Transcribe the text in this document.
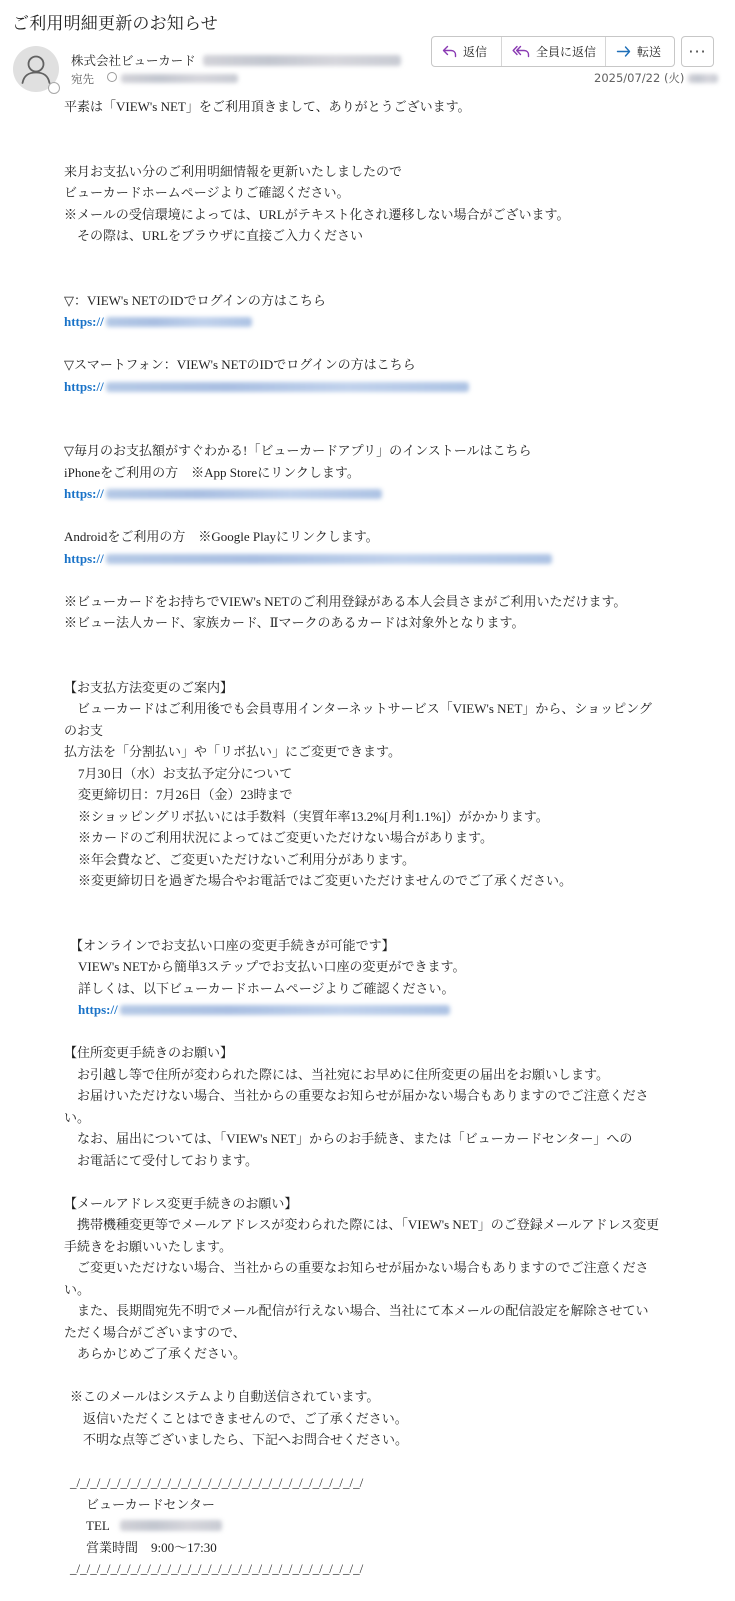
ご利用明細更新のお知らせ
株式会社ビューカード
宛先
返信	全員に返信	転送	···
2025/07/22 (火)
平素は「VIEW's NET」をご利用頂きまして、ありがとうございます。
来月お支払い分のご利用明細情報を更新いたしましたので
ビューカードホームページよりご確認ください。
※メールの受信環境によっては、URLがテキスト化され遷移しない場合がございます。
　その際は、URLをブラウザに直接ご入力ください
▽：VIEW's NETのIDでログインの方はこちら
https://
▽スマートフォン：VIEW's NETのIDでログインの方はこちら
https://
▽毎月のお支払額がすぐわかる!「ビューカードアプリ」のインストールはこちら
iPhoneをご利用の方　※App Storeにリンクします。
https://
Androidをご利用の方　※Google Playにリンクします。
https://
※ビューカードをお持ちでVIEW's NETのご利用登録がある本人会員さまがご利用いただけます。
※ビュー法人カード、家族カード、Ⅱマークのあるカードは対象外となります。
【お支払方法変更のご案内】
　ビューカードはご利用後でも会員専用インターネットサービス「VIEW's NET」から、ショッピングのお支
払方法を「分割払い」や「リボ払い」にご変更できます。
7月30日（水）お支払予定分について
変更締切日：7月26日（金）23時まで
※ショッピングリボ払いには手数料（実質年率13.2%[月利1.1%]）がかかります。
※カードのご利用状況によってはご変更いただけない場合があります。
※年会費など、ご変更いただけないご利用分があります。
※変更締切日を過ぎた場合やお電話ではご変更いただけませんのでご了承ください。
【オンラインでお支払い口座の変更手続きが可能です】
VIEW's NETから簡単3ステップでお支払い口座の変更ができます。
詳しくは、以下ビューカードホームページよりご確認ください。
https://
【住所変更手続きのお願い】
　お引越し等で住所が変わられた際には、当社宛にお早めに住所変更の届出をお願いします。
　お届けいただけない場合、当社からの重要なお知らせが届かない場合もありますのでご注意くださ
い。
　なお、届出については、「VIEW's NET」からのお手続き、または「ビューカードセンター」への
　お電話にて受付しております。
【メールアドレス変更手続きのお願い】
　携帯機種変更等でメールアドレスが変わられた際には、「VIEW's NET」のご登録メールアドレス変更
手続きをお願いいたします。
　ご変更いただけない場合、当社からの重要なお知らせが届かない場合もありますのでご注意くださ
い。
　また、長期間宛先不明でメール配信が行えない場合、当社にて本メールの配信設定を解除させてい
ただく場合がございますので、
　あらかじめご了承ください。
※このメールはシステムより自動送信されています。
　返信いただくことはできませんので、ご了承ください。
　不明な点等ございましたら、下記へお問合せください。
_/_/_/_/_/_/_/_/_/_/_/_/_/_/_/_/_/_/_/_/_/_/_/_/_/_/_/_/_/
ビューカードセンター
TEL
営業時間　9:00～17:30
_/_/_/_/_/_/_/_/_/_/_/_/_/_/_/_/_/_/_/_/_/_/_/_/_/_/_/_/_/
